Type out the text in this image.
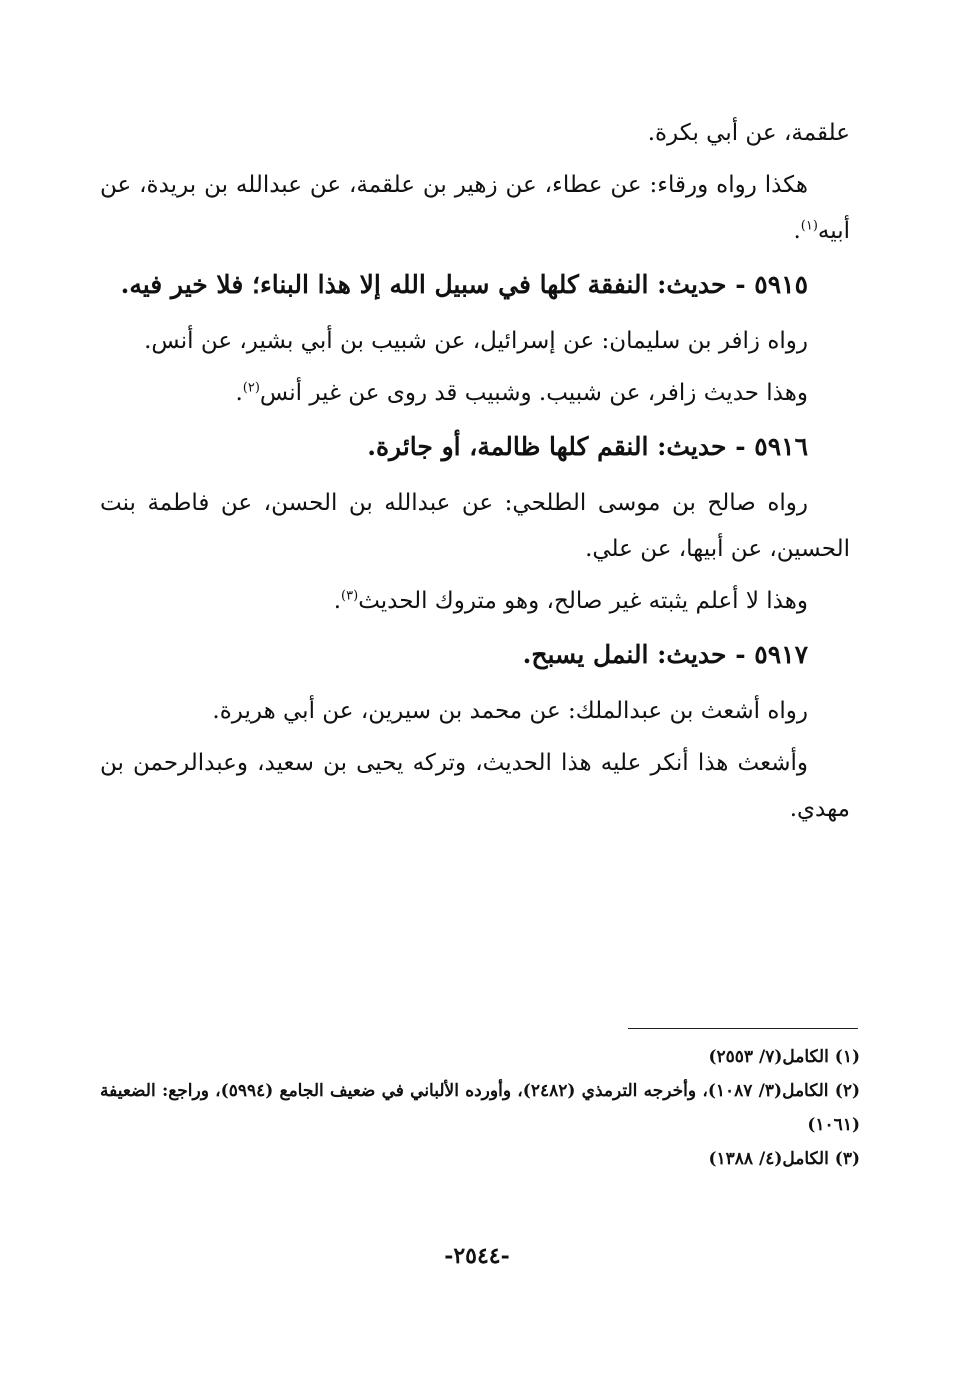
علقمة، عن أبي بكرة.

هكذا رواه ورقاء: عن عطاء، عن زهير بن علقمة، عن عبدالله بن بريدة، عن أبيه$^{(١)}$.

٥٩١٥ - حديث: النفقة كلها في سبيل الله إلا هذا البناء؛ فلا خير فيه.

رواه زافر بن سليمان: عن إسرائيل، عن شبيب بن أبي بشير، عن أنس.

وهذا حديث زافر، عن شبيب. وشبيب قد روى عن غير أنس$^{(٢)}$.

٥٩١٦ - حديث: النقم كلها ظالمة، أو جائرة.

رواه صالح بن موسى الطلحي: عن عبدالله بن الحسن، عن فاطمة بنت الحسين، عن أبيها، عن علي.

وهذا لا أعلم يثبته غير صالح، وهو متروك الحديث$^{(٣)}$.

٥٩١٧ - حديث: النمل يسبح.

رواه أشعث بن عبدالملك: عن محمد بن سيرين، عن أبي هريرة.

وأشعث هذا أنكر عليه هذا الحديث، وتركه يحيى بن سعيد، وعبدالرحمن بن مهدي.

(١) الكامل(٧/ ٢٥٥٣)

(٢) الكامل(٣/ ١٠٨٧)، وأخرجه الترمذي (٢٤٨٢)، وأورده الألباني في ضعيف الجامع (٥٩٩٤)، وراجع: الضعيفة (١٠٦١)

(٣) الكامل(٤/ ١٣٨٨)

-٢٥٤٤-
